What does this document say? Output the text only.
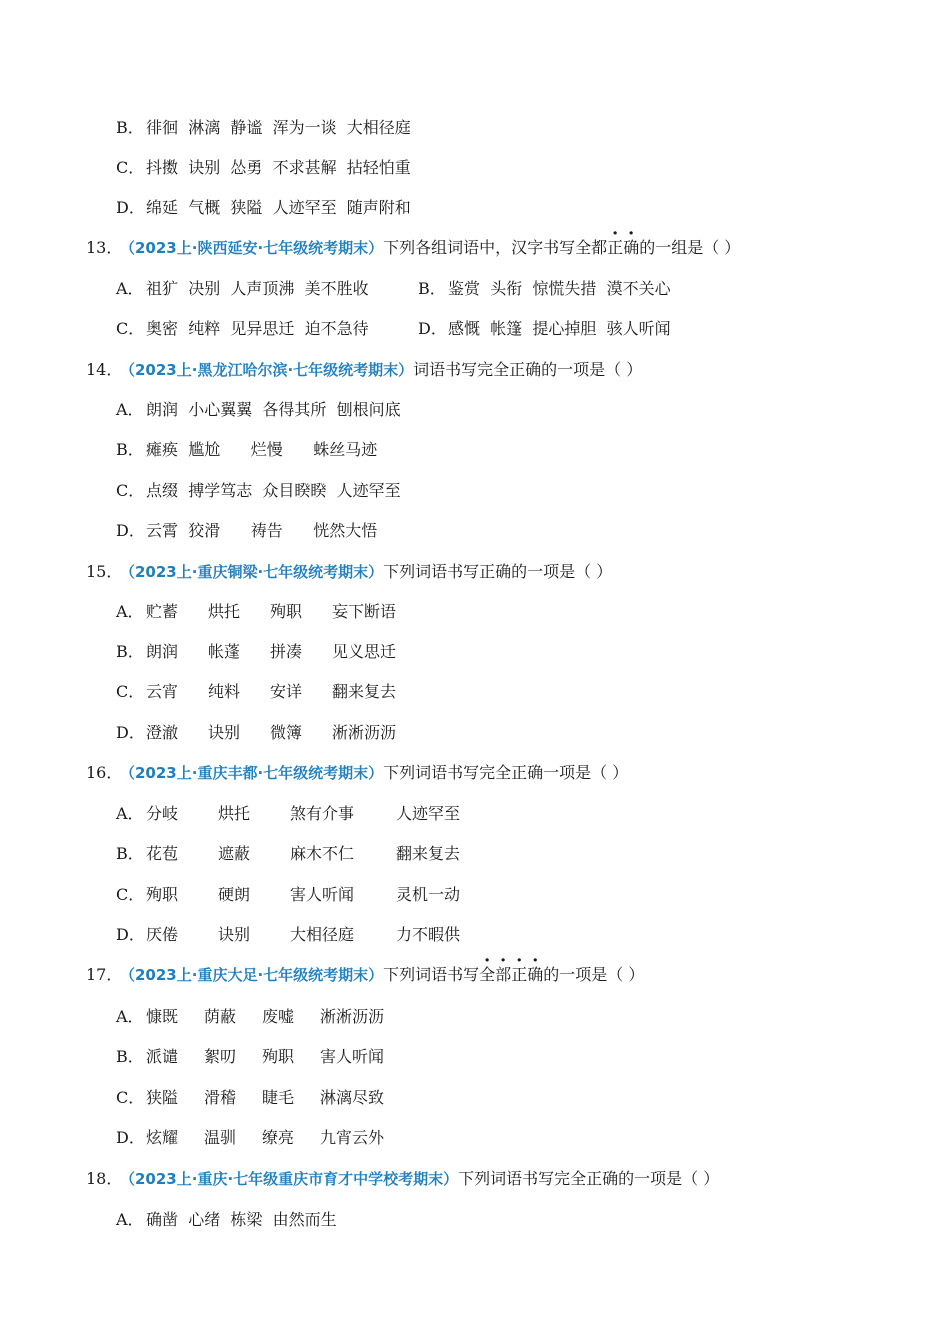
B． 徘徊 淋漓 静谧 浑为一谈 大相径庭
C． 抖擞 诀别 怂勇 不求甚解 拈轻怕重
D．绵延 气概 狭隘 人迹罕至 随声附和
13．（2023上·陕西延安·七年级统考期末）下列各组词语中，汉字书写全都正确的一组是（ ）
A． 祖犷 决别 人声顶沸 美不胜收	B． 鉴赏 头衔 惊慌失措 漠不关心
C． 奥密 纯粹 见异思迁 迫不急待	D．感慨 帐篷 提心掉胆 骇人听闻
14．（2023上·黑龙江哈尔滨·七年级统考期末）词语书写完全正确的一项是（ ）
A． 朗润 小心翼翼 各得其所 刨根问底
B． 瘫痪 尴尬 烂慢 蛛丝马迹
C． 点缀 搏学笃志 众目睽睽 人迹罕至
D．云霄 狡滑 祷告 恍然大悟
15．（2023上·重庆铜梁·七年级统考期末）下列词语书写正确的一项是（ ）
A． 贮蓄 烘托 殉职 妄下断语
B． 朗润 帐蓬 拼凑 见义思迁
C． 云宵 纯料 安详 翻来复去
D．澄澈 诀别 微簿 淅淅沥沥
16．（2023上·重庆丰都·七年级统考期末）下列词语书写完全正确一项是（ ）
A． 分岐 烘托 煞有介事	人迹罕至
B． 花苞 遮蔽 麻木不仁	翻来复去
C． 殉职 硬朗 害人听闻	灵机一动
D．厌倦 诀别 大相径庭	力不暇供
17．（2023上·重庆大足·七年级统考期末）下列词语书写全部正确的一项是（ ）
A． 慷既 荫蔽 废嘘 淅淅沥沥
B． 派谴 絮叨 殉职 害人听闻
C． 狭隘 滑稽 睫毛 淋漓尽致
D．炫耀 温驯 缭亮 九宵云外
18．（2023上·重庆·七年级重庆市育才中学校考期末）下列词语书写完全正确的一项是（ ）
A． 确凿 心绪 栋梁 由然而生
